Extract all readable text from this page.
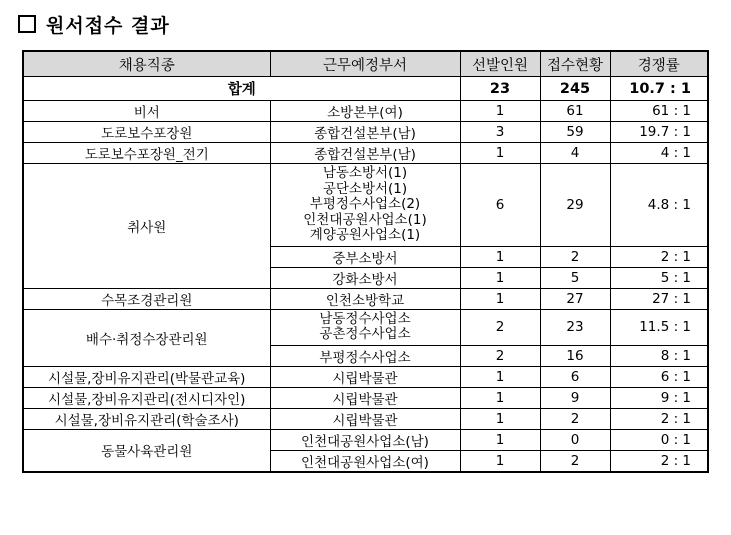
원서접수 결과
채용직종	근무예정부서	선발인원	접수현황	경쟁률
합계		23	245	10.7 : 1
비서	소방본부(여)	1	61	61 : 1
도로보수포장원	종합건설본부(남)	3	59	19.7 : 1
도로보수포장원_전기	종합건설본부(남)	1	4	4 : 1
취사원	남동소방서(1)
공단소방서(1)
부평정수사업소(2)
인천대공원사업소(1)
계양공원사업소(1)	6	29	4.8 : 1
	중부소방서	1	2	2 : 1
	강화소방서	1	5	5 : 1
수목조경관리원	인천소방학교	1	27	27 : 1
배수·취정수장관리원	남동정수사업소
공촌정수사업소	2	23	11.5 : 1
	부평정수사업소	2	16	8 : 1
시설물,장비유지관리(박물관교육)	시립박물관	1	6	6 : 1
시설물,장비유지관리(전시디자인)	시립박물관	1	9	9 : 1
시설물,장비유지관리(학술조사)	시립박물관	1	2	2 : 1
동물사육관리원	인천대공원사업소(남)	1	0	0 : 1
	인천대공원사업소(여)	1	2	2 : 1
